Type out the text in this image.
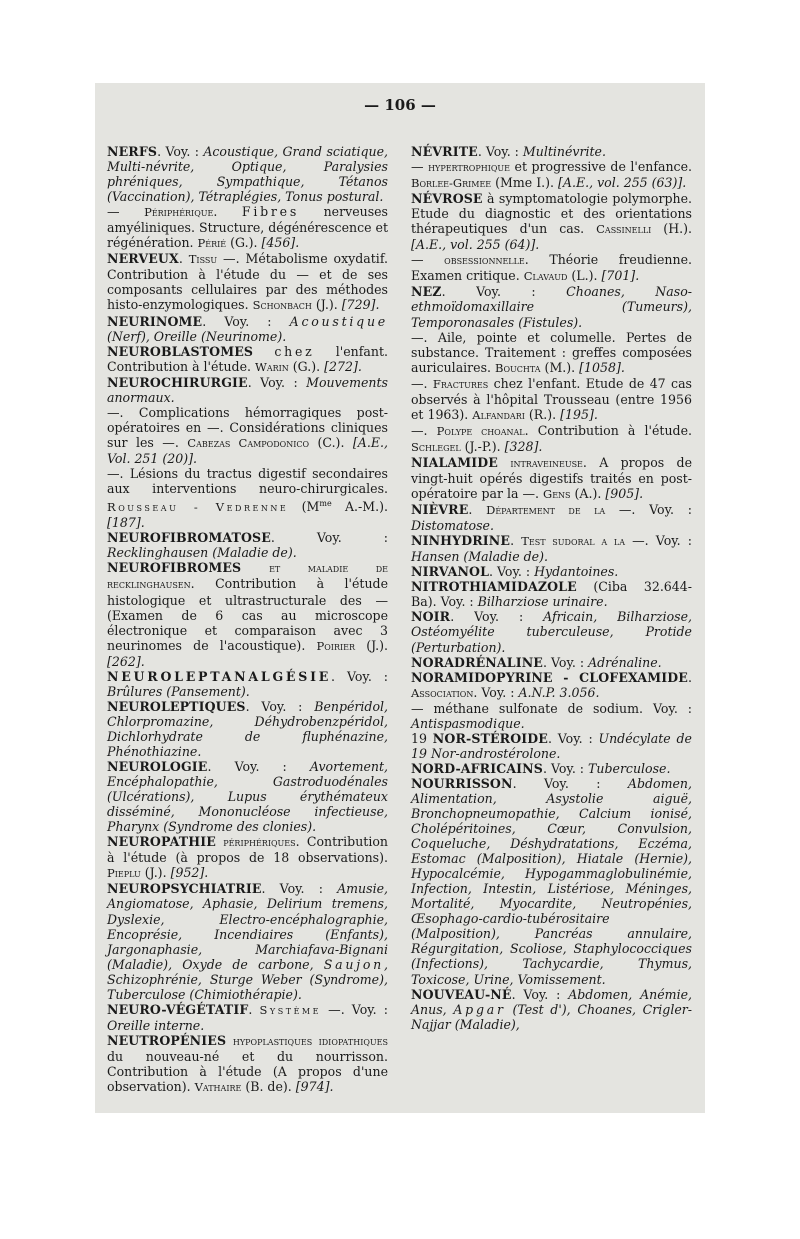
— 106 —

NERFS. Voy. : Acoustique, Grand sciatique, Multi-névrite, Optique, Paralysies phréniques, Sympathique, Tétanos (Vaccination), Tétraplégies, Tonus postural.

— Périphérique. Fibres nerveuses amyéliniques. Structure, dégénérescence et régénération. Périé (G.). [456].

NERVEUX. Tissu —. Métabolisme oxydatif. Contribution à l'étude du — et de ses composants cellulaires par des méthodes histo-enzymologiques. Schonbach (J.). [729].

NEURINOME. Voy. : Acoustique (Nerf), Oreille (Neurinome).

NEUROBLASTOMES chez l'enfant. Contribution à l'étude. Warin (G.). [272].

NEUROCHIRURGIE. Voy. : Mouvements anormaux.

—. Complications hémorragiques post-opératoires en —. Considérations cliniques sur les —. Cabezas Campodonico (C.). [A.E., Vol. 251 (20)].

—. Lésions du tractus digestif secondaires aux interventions neuro-chirurgicales. Rousseau - Vedrenne ($M^{me}$ A.-M.). [187].

NEUROFIBROMATOSE. Voy. : Recklinghausen (Maladie de).

NEUROFIBROMES et maladie de recklinghausen. Contribution à l'étude histologique et ultrastructurale des — (Examen de 6 cas au microscope électronique et comparaison avec 3 neurinomes de l'acoustique). Poirier (J.). [262].

NEUROLEPTANALGÉSIE. Voy. : Brûlures (Pansement).

NEUROLEPTIQUES. Voy. : Benpéridol, Chlorpromazine, Déhydrobenzpéridol, Dichlorhydrate de fluphénazine, Phénothiazine.

NEUROLOGIE. Voy. : Avortement, Encéphalopathie, Gastroduodénales (Ulcérations), Lupus érythémateux disséminé, Mononucléose infectieuse, Pharynx (Syndrome des clonies).

NEUROPATHIE périphériques. Contribution à l'étude (à propos de 18 observations). Pieplu (J.). [952].

NEUROPSYCHIATRIE. Voy. : Amusie, Angiomatose, Aphasie, Delirium tremens, Dyslexie, Electro-encéphalographie, Encoprésie, Incendiaires (Enfants), Jargonaphasie, Marchiafava-Bignani (Maladie), Oxyde de carbone, Saujon, Schizophrénie, Sturge Weber (Syndrome), Tuberculose (Chimiothérapie).

NEURO-VÉGÉTATIF. Système —. Voy. : Oreille interne.

NEUTROPÉNIES hypoplastiques idiopathiques du nouveau-né et du nourrisson. Contribution à l'étude (A propos d'une observation). Vathaire (B. de). [974].

NÉVRITE. Voy. : Multinévrite.

— hypertrophique et progressive de l'enfance. Borlee-Grimee (Mme I.). [A.E., vol. 255 (63)].

NÉVROSE à symptomatologie polymorphe. Etude du diagnostic et des orientations thérapeutiques d'un cas. Cassinelli (H.). [A.E., vol. 255 (64)].

— obsessionnelle. Théorie freudienne. Examen critique. Clavaud (L.). [701].

NEZ. Voy. : Choanes, Naso-ethmoïdomaxillaire (Tumeurs), Temporonasales (Fistules).

—. Aile, pointe et columelle. Pertes de substance. Traitement : greffes composées auriculaires. Bouchta (M.). [1058].

—. Fractures chez l'enfant. Etude de 47 cas observés à l'hôpital Trousseau (entre 1956 et 1963). Alfandari (R.). [195].

—. Polype choanal. Contribution à l'étude. Schlegel (J.-P.). [328].

NIALAMIDE intraveineuse. A propos de vingt-huit opérés digestifs traités en post-opératoire par la —. Gens (A.). [905].

NIÈVRE. Département de la —. Voy. : Distomatose.

NINHYDRINE. Test sudoral a la —. Voy. : Hansen (Maladie de).

NIRVANOL. Voy. : Hydantoines.

NITROTHIAMIDAZOLE (Ciba 32.644-Ba). Voy. : Bilharziose urinaire.

NOIR. Voy. : Africain, Bilharziose, Ostéomyélite tuberculeuse, Protide (Perturbation).

NORADRÉNALINE. Voy. : Adrénaline.

NORAMIDOPYRINE - CLOFEXAMIDE. Association. Voy. : A.N.P. 3.056.

— méthane sulfonate de sodium. Voy. : Antispasmodique.

19 NOR-STÉROIDE. Voy. : Undécylate de 19 Nor-androstérolone.

NORD-AFRICAINS. Voy. : Tuberculose.

NOURRISSON. Voy. : Abdomen, Alimentation, Asystolie aiguë, Bronchopneumopathie, Calcium ionisé, Cholépéritoines, Cœur, Convulsion, Coqueluche, Déshydratations, Eczéma, Estomac (Malposition), Hiatale (Hernie), Hypocalcémie, Hypogammaglobulinémie, Infection, Intestin, Listériose, Méninges, Mortalité, Myocardite, Neutropénies, Œsophago-cardio-tubérositaire (Malposition), Pancréas annulaire, Régurgitation, Scoliose, Staphylococciques (Infections), Tachycardie, Thymus, Toxicose, Urine, Vomissement.

NOUVEAU-NÉ. Voy. : Abdomen, Anémie, Anus, Apgar (Test d'), Choanes, Crigler-Najjar (Maladie),
